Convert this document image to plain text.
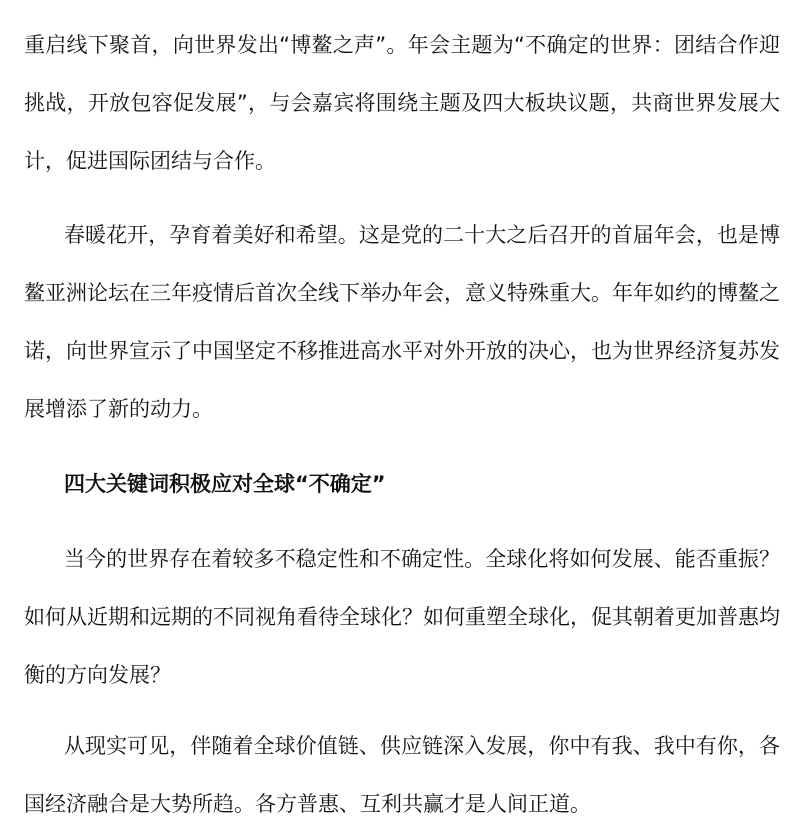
重启线下聚首，向世界发出“博鳌之声”。年会主题为“不确定的世界：团结合作迎挑战，开放包容促发展”，与会嘉宾将围绕主题及四大板块议题，共商世界发展大计，促进国际团结与合作。

春暖花开，孕育着美好和希望。这是党的二十大之后召开的首届年会，也是博鳌亚洲论坛在三年疫情后首次全线下举办年会，意义特殊重大。年年如约的博鳌之诺，向世界宣示了中国坚定不移推进高水平对外开放的决心，也为世界经济复苏发展增添了新的动力。

四大关键词积极应对全球“不确定”

当今的世界存在着较多不稳定性和不确定性。全球化将如何发展、能否重振？如何从近期和远期的不同视角看待全球化？如何重塑全球化，促其朝着更加普惠均衡的方向发展？

从现实可见，伴随着全球价值链、供应链深入发展，你中有我、我中有你，各国经济融合是大势所趋。各方普惠、互利共赢才是人间正道。
